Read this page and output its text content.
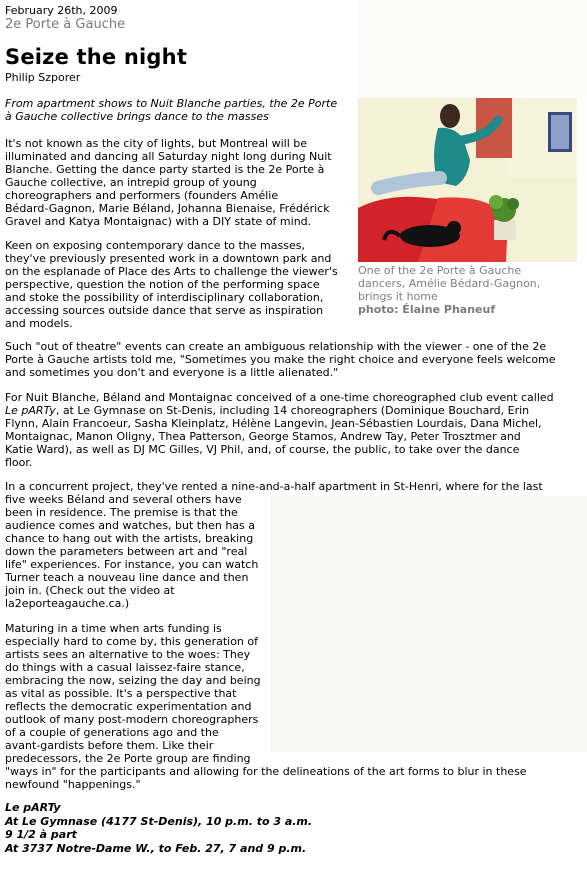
February 26th, 2009
2e Porte à Gauche
Seize the night
Philip Szporer
From apartment shows to Nuit Blanche parties, the 2e Porte
à Gauche collective brings dance to the masses
It's not known as the city of lights, but Montreal will be
illuminated and dancing all Saturday night long during Nuit
Blanche. Getting the dance party started is the 2e Porte à
Gauche collective, an intrepid group of young
choreographers and performers (founders Amélie
Bédard-Gagnon, Marie Béland, Johanna Bienaise, Frédérick
Gravel and Katya Montaignac) with a DIY state of mind.
Keen on exposing contemporary dance to the masses,
they've previously presented work in a downtown park and
on the esplanade of Place des Arts to challenge the viewer's
perspective, question the notion of the performing space
and stoke the possibility of interdisciplinary collaboration,
accessing sources outside dance that serve as inspiration
and models.
One of the 2e Porte à Gauche
dancers, Amélie Bédard-Gagnon,
brings it home
photo: Élaine Phaneuf
Such "out of theatre" events can create an ambiguous relationship with the viewer - one of the 2e
Porte à Gauche artists told me, "Sometimes you make the right choice and everyone feels welcome
and sometimes you don't and everyone is a little alienated."
For Nuit Blanche, Béland and Montaignac conceived of a one-time choreographed club event called
Le pARTy, at Le Gymnase on St-Denis, including 14 choreographers (Dominique Bouchard, Erin
Flynn, Alain Francoeur, Sasha Kleinplatz, Hélène Langevin, Jean-Sébastien Lourdais, Dana Michel,
Montaignac, Manon Oligny, Thea Patterson, George Stamos, Andrew Tay, Peter Trosztmer and
Katie Ward), as well as DJ MC Gilles, VJ Phil, and, of course, the public, to take over the dance
floor.
In a concurrent project, they've rented a nine-and-a-half apartment in St-Henri, where for the last
five weeks Béland and several others have
been in residence. The premise is that the
audience comes and watches, but then has a
chance to hang out with the artists, breaking
down the parameters between art and "real
life" experiences. For instance, you can watch
Turner teach a nouveau line dance and then
join in. (Check out the video at
la2eporteagauche.ca.)
Maturing in a time when arts funding is
especially hard to come by, this generation of
artists sees an alternative to the woes: They
do things with a casual laissez-faire stance,
embracing the now, seizing the day and being
as vital as possible. It's a perspective that
reflects the democratic experimentation and
outlook of many post-modern choreographers
of a couple of generations ago and the
avant-gardists before them. Like their
predecessors, the 2e Porte group are finding
"ways in" for the participants and allowing for the delineations of the art forms to blur in these
newfound "happenings."
Le pARTy
At Le Gymnase (4177 St-Denis), 10 p.m. to 3 a.m.
9 1/2 à part
At 3737 Notre-Dame W., to Feb. 27, 7 and 9 p.m.
